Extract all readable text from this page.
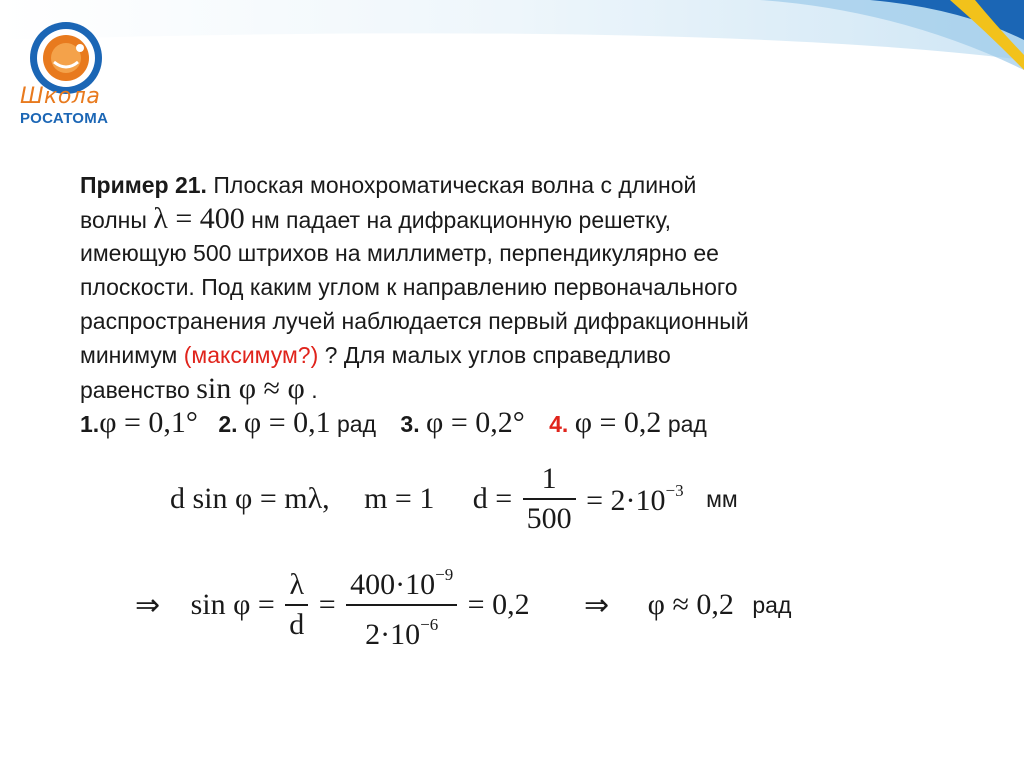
Школа
РОСАТОМА
Пример 21. Плоская монохроматическая волна с длиной
волны λ = 400 нм падает на дифракционную решетку,
имеющую 500 штрихов на миллиметр, перпендикулярно ее
плоскости. Под каким углом к направлению первоначального
распространения лучей наблюдается первый дифракционный
минимум (максимум?) ? Для малых углов справедливо
равенство sin φ ≈ φ .
1.φ = 0,1° 2. φ = 0,1 рад 3. φ = 0,2° 4. φ = 0,2 рад
d sin φ = mλ, m = 1 $d = \frac{1}{500} = 2\cdot 10^{-3}$ мм
⇒ $\sin \varphi = \frac{\lambda}{d} = \frac{400\cdot 10^{-9}}{2\cdot 10^{-6}} = 0,2$ ⇒ φ ≈ 0,2 рад
